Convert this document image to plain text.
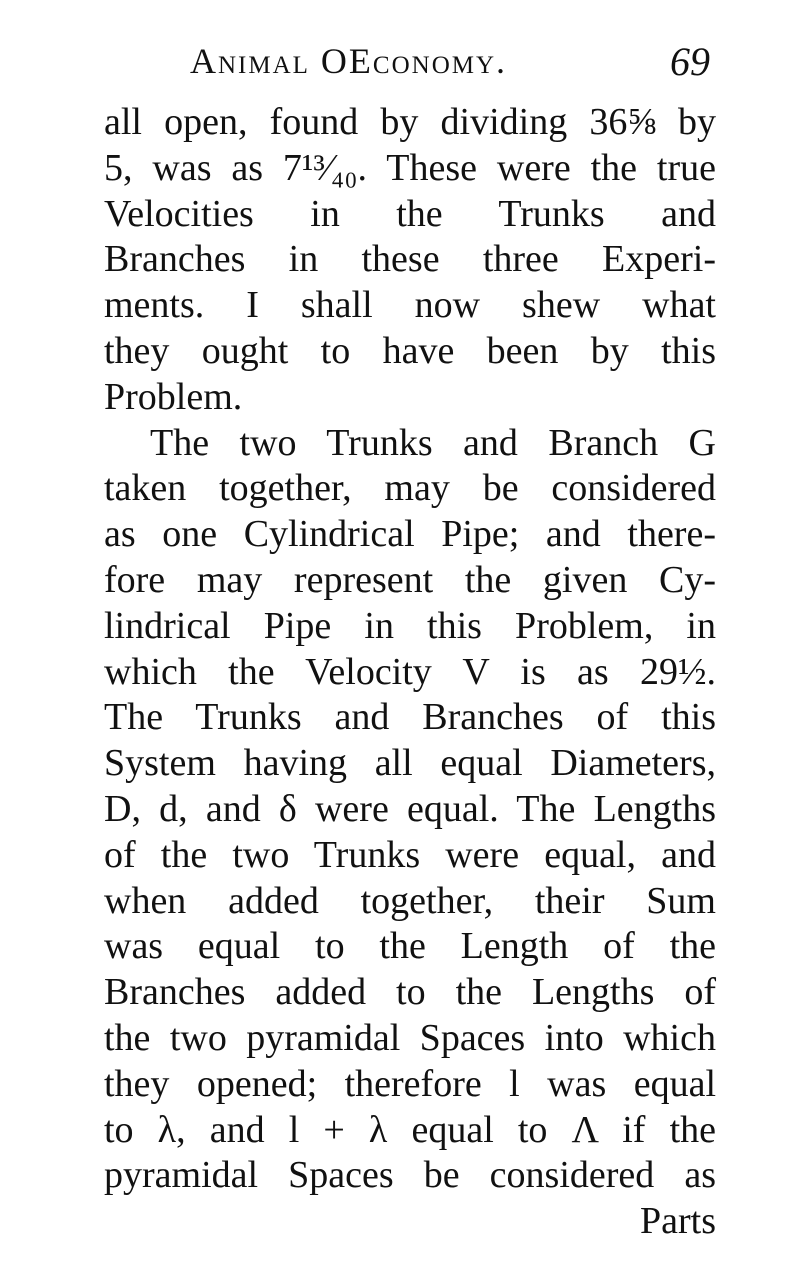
Animal OEconomy.	69
all open, found by dividing 36⅝ by
5, was as 7¹³⁄₄₀. These were the true
Velocities in the Trunks and
Branches in these three Experi-
ments. I shall now shew what
they ought to have been by this
Problem.
The two Trunks and Branch G
taken together, may be considered
as one Cylindrical Pipe; and there-
fore may represent the given Cy-
lindrical Pipe in this Problem, in
which the Velocity V is as 29½.
The Trunks and Branches of this
System having all equal Diameters,
D, d, and δ were equal. The Lengths
of the two Trunks were equal, and
when added together, their Sum
was equal to the Length of the
Branches added to the Lengths of
the two pyramidal Spaces into which
they opened; therefore l was equal
to λ, and l + λ equal to Λ if the
pyramidal Spaces be considered as
Parts
